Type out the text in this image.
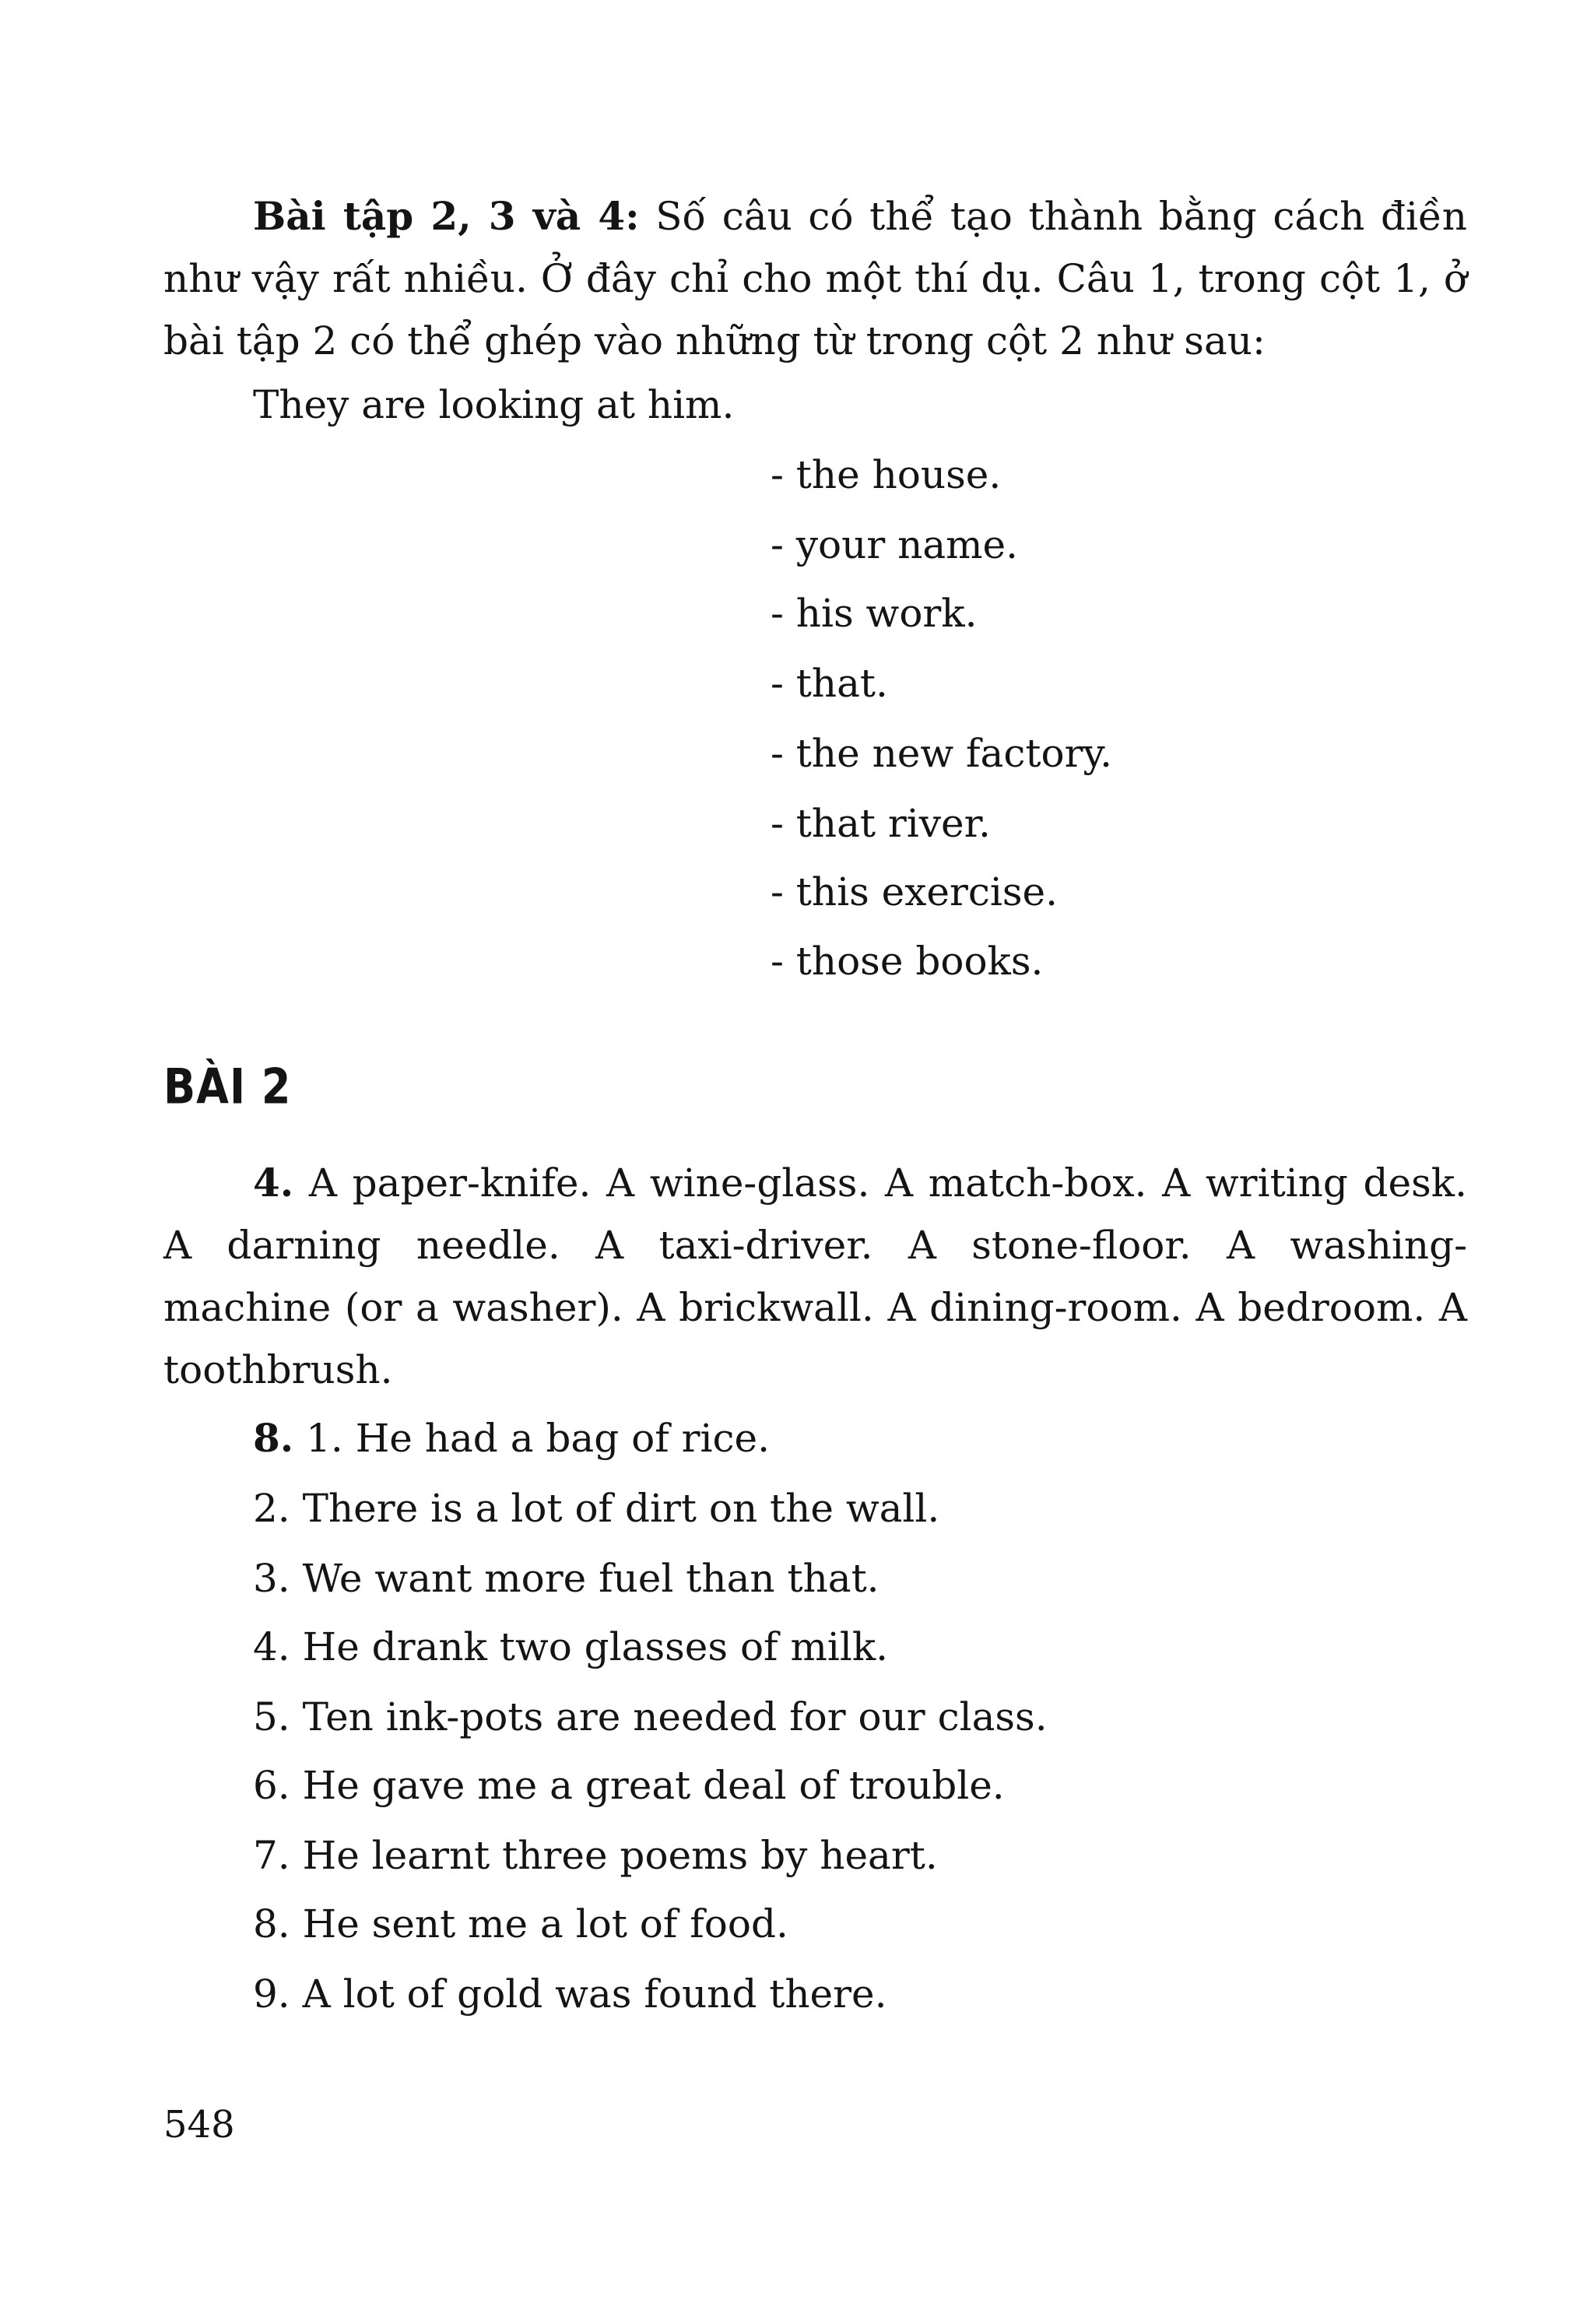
Bài tập 2, 3 và 4: Số câu có thể tạo thành bằng cách điền
như vậy rất nhiều. Ở đây chỉ cho một thí dụ. Câu 1, trong cột 1, ở
bài tập 2 có thể ghép vào những từ trong cột 2 như sau:
They are looking at him.
- the house.
- your name.
- his work.
- that.
- the new factory.
- that river.
- this exercise.
- those books.
BÀI 2
4. A paper-knife. A wine-glass. A match-box. A writing desk.
A darning needle. A taxi-driver. A stone-floor. A washing-
machine (or a washer). A brickwall. A dining-room. A bedroom. A
toothbrush.
8. 1. He had a bag of rice.
2. There is a lot of dirt on the wall.
3. We want more fuel than that.
4. He drank two glasses of milk.
5. Ten ink-pots are needed for our class.
6. He gave me a great deal of trouble.
7. He learnt three poems by heart.
8. He sent me a lot of food.
9. A lot of gold was found there.
548
